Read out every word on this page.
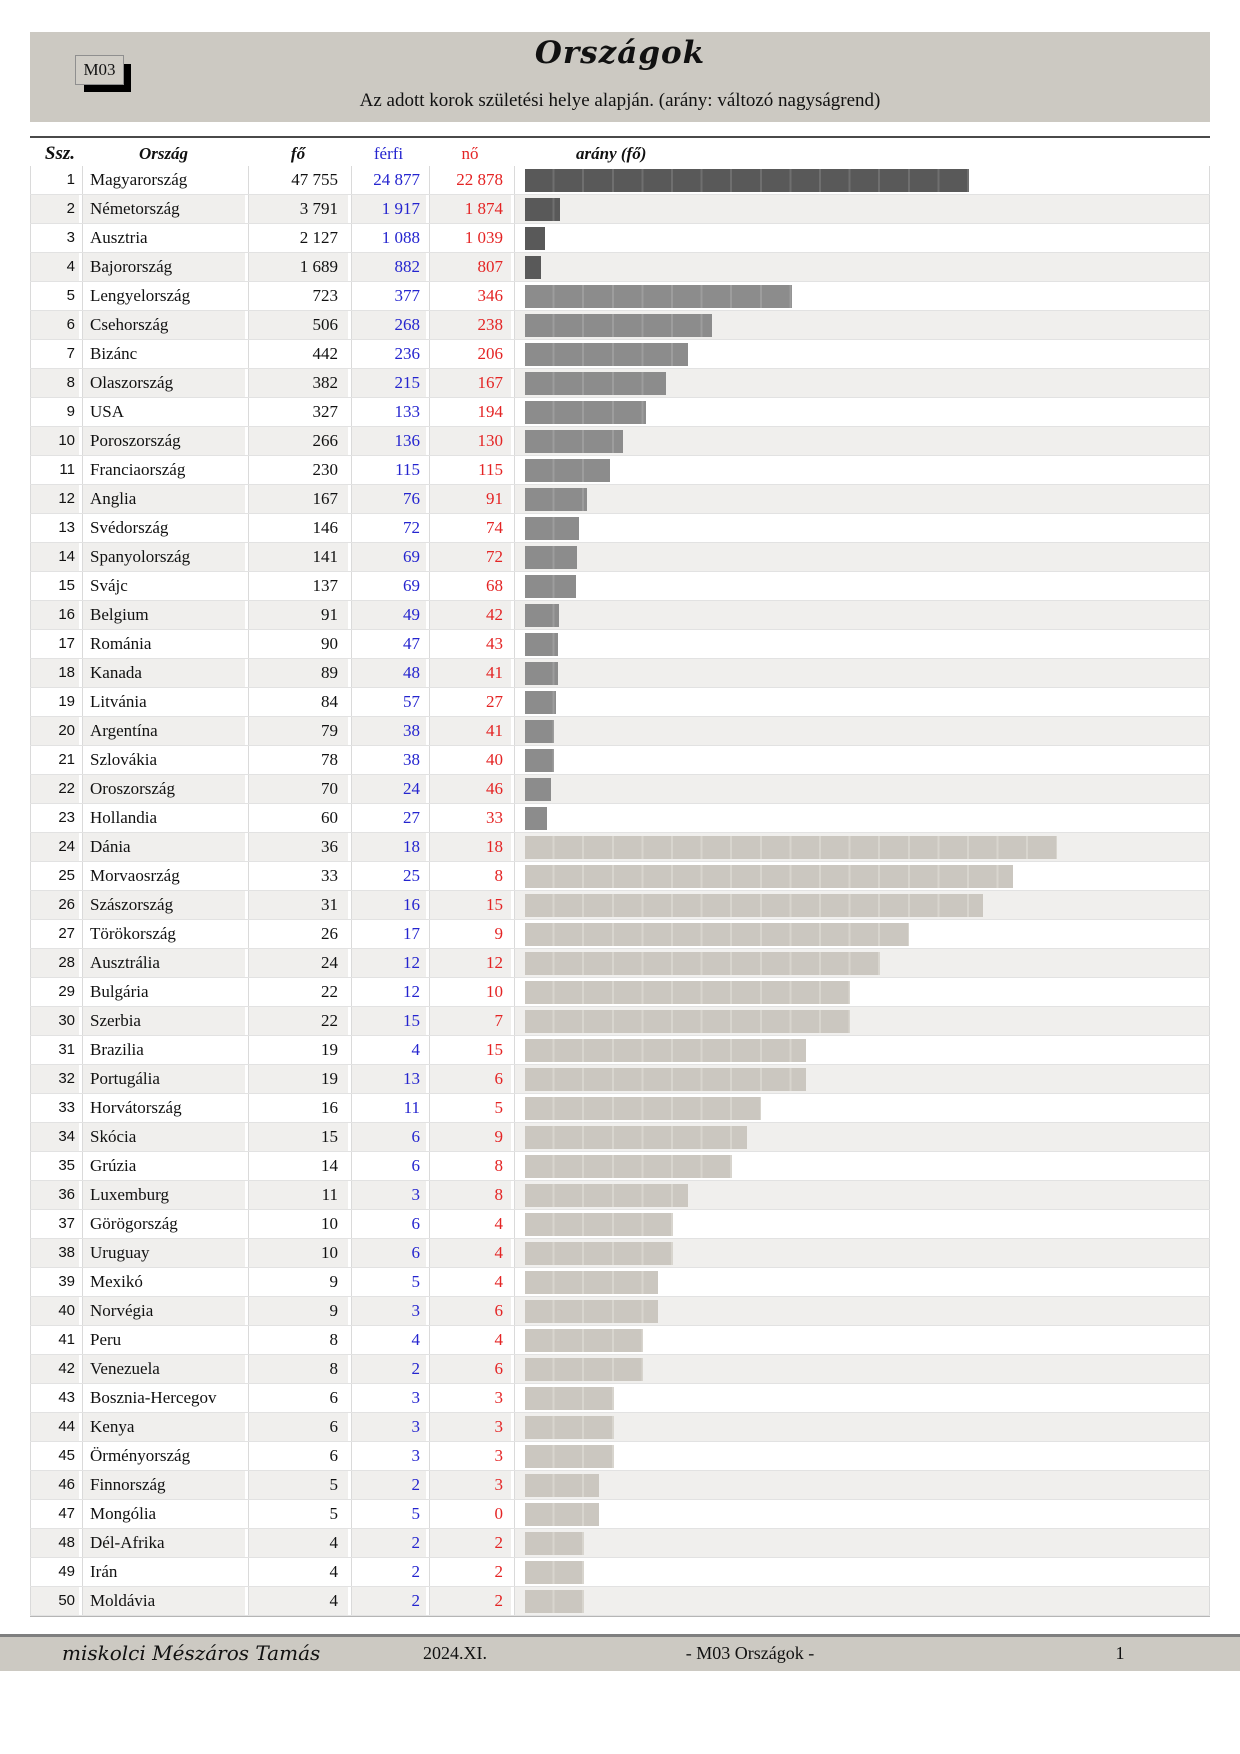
M03	Országok
Az adott korok születési helye alapján. (arány: változó nagyságrend)
Ssz.	Ország	fő	férfi	nő	arány (fő)
1 Magyarország	47 755	24 877	22 878
2 Németország	3 791	1 917	1 874
3 Ausztria	2 127	1 088	1 039
4 Bajorország	1 689	882	807
5 Lengyelország	723	377	346
6 Csehország	506	268	238
7 Bizánc	442	236	206
8 Olaszország	382	215	167
9 USA	327	133	194
10 Poroszország	266	136	130
11 Franciaország	230	115	115
12 Anglia	167	76	91
13 Svédország	146	72	74
14 Spanyolország	141	69	72
15 Svájc	137	69	68
16 Belgium	91	49	42
17 Románia	90	47	43
18 Kanada	89	48	41
19 Litvánia	84	57	27
20 Argentína	79	38	41
21 Szlovákia	78	38	40
22 Oroszország	70	24	46
23 Hollandia	60	27	33
24 Dánia	36	18	18
25 Morvaosrzág	33	25	8
26 Szászország	31	16	15
27 Törökország	26	17	9
28 Ausztrália	24	12	12
29 Bulgária	22	12	10
30 Szerbia	22	15	7
31 Brazilia	19	4	15
32 Portugália	19	13	6
33 Horvátország	16	11	5
34 Skócia	15	6	9
35 Grúzia	14	6	8
36 Luxemburg	11	3	8
37 Görögország	10	6	4
38 Uruguay	10	6	4
39 Mexikó	9	5	4
40 Norvégia	9	3	6
41 Peru	8	4	4
42 Venezuela	8	2	6
43 Bosznia-Hercegov	6	3	3
44 Kenya	6	3	3
45 Örményország	6	3	3
46 Finnország	5	2	3
47 Mongólia	5	5	0
48 Dél-Afrika	4	2	2
49 Irán	4	2	2
50 Moldávia	4	2	2
miskolci Mészáros Tamás	2024.XI.	- M03 Országok -	1
